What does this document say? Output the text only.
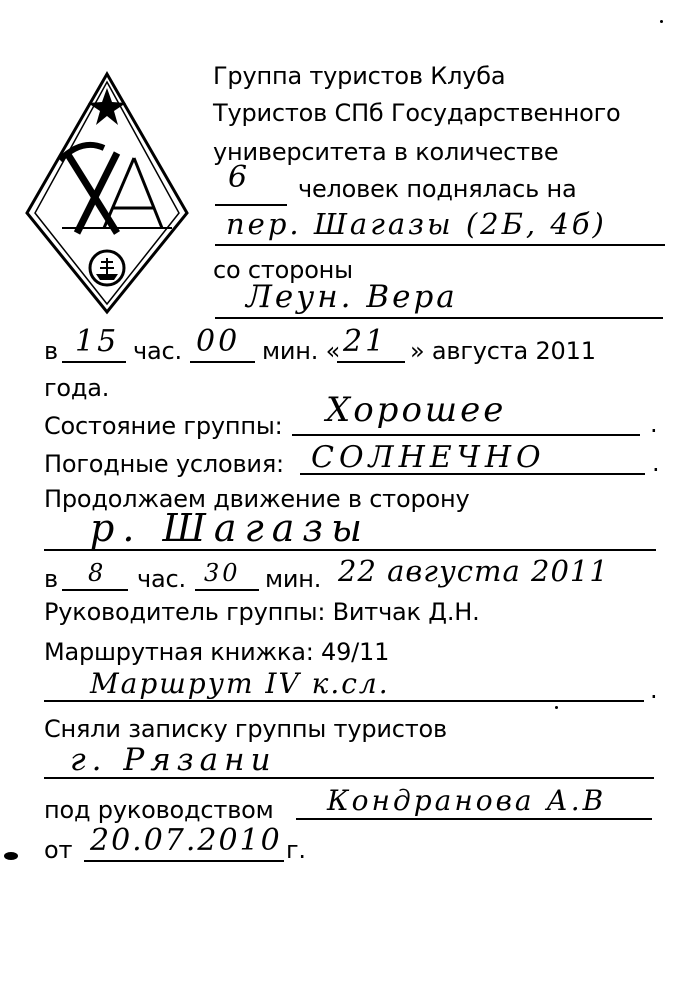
Группа туристов Клуба
Туристов СПб Государственного
университета в количестве
6 человек поднялась на
пер. Шагазы (2Б, 4б)
со стороны
Леун. Вера
в 15 час. 00 мин. « 21 » августа 2011
года.
Состояние группы: Хорошее	.
Погодные условия: СОЛНЕЧНО	.
Продолжаем движение в сторону
р. Шагазы
в 8 час. 30 мин. 22 августа 2011
Руководитель группы: Витчак Д.Н.
Маршрутная книжка: 49/11
Маршрут IV к.сл.	.
Сняли записку группы туристов
г. Рязани
под руководством Кондранова А.В
от 20.07.2010 г.
